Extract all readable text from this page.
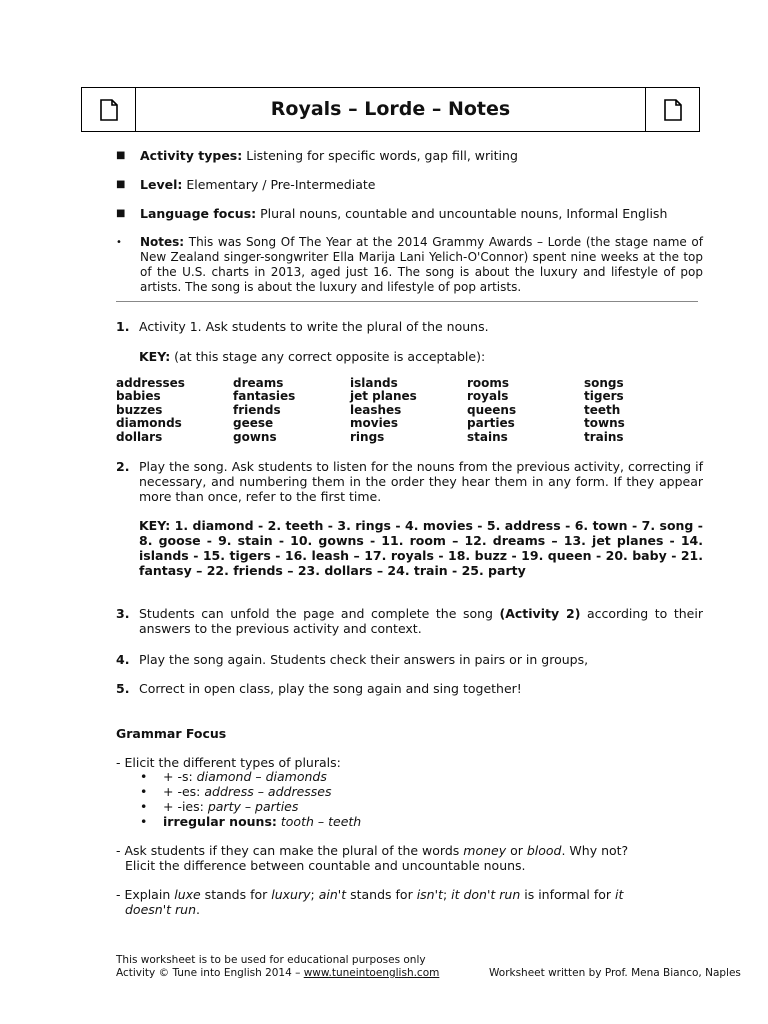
Royals – Lorde – Notes
■ Activity types: Listening for specific words, gap fill, writing
■ Level: Elementary / Pre-Intermediate
■ Language focus: Plural nouns, countable and uncountable nouns, Informal English
• Notes: This was Song Of The Year at the 2014 Grammy Awards – Lorde (the stage name of New Zealand singer-songwriter Ella Marija Lani Yelich-O'Connor) spent nine weeks at the top of the U.S. charts in 2013, aged just 16. The song is about the luxury and lifestyle of pop artists. The song is about the luxury and lifestyle of pop artists.
1. Activity 1. Ask students to write the plural of the nouns.
KEY: (at this stage any correct opposite is acceptable):
addresses
babies
buzzes
diamonds
dollars
dreams
fantasies
friends
geese
gowns
islands
jet planes
leashes
movies
rings
rooms
royals
queens
parties
stains
songs
tigers
teeth
towns
trains
2. Play the song. Ask students to listen for the nouns from the previous activity, correcting if necessary, and numbering them in the order they hear them in any form. If they appear more than once, refer to the first time.
KEY: 1. diamond - 2. teeth - 3. rings - 4. movies - 5. address - 6. town - 7. song - 8. goose - 9. stain - 10. gowns - 11. room – 12. dreams – 13. jet planes - 14. islands - 15. tigers - 16. leash – 17. royals - 18. buzz - 19. queen - 20. baby - 21. fantasy – 22. friends – 23. dollars – 24. train - 25. party
3. Students can unfold the page and complete the song (Activity 2) according to their answers to the previous activity and context.
4. Play the song again. Students check their answers in pairs or in groups,
5. Correct in open class, play the song again and sing together!
Grammar Focus
- Elicit the different types of plurals:
• + -s: diamond – diamonds
• + -es: address – addresses
• + -ies: party – parties
• irregular nouns: tooth – teeth
- Ask students if they can make the plural of the words money or blood. Why not?
Elicit the difference between countable and uncountable nouns.
- Explain luxe stands for luxury; ain't stands for isn't; it don't run is informal for it
doesn't run.
This worksheet is to be used for educational purposes only
Activity © Tune into English 2014 – www.tuneintoenglish.com	Worksheet written by Prof. Mena Bianco, Naples
